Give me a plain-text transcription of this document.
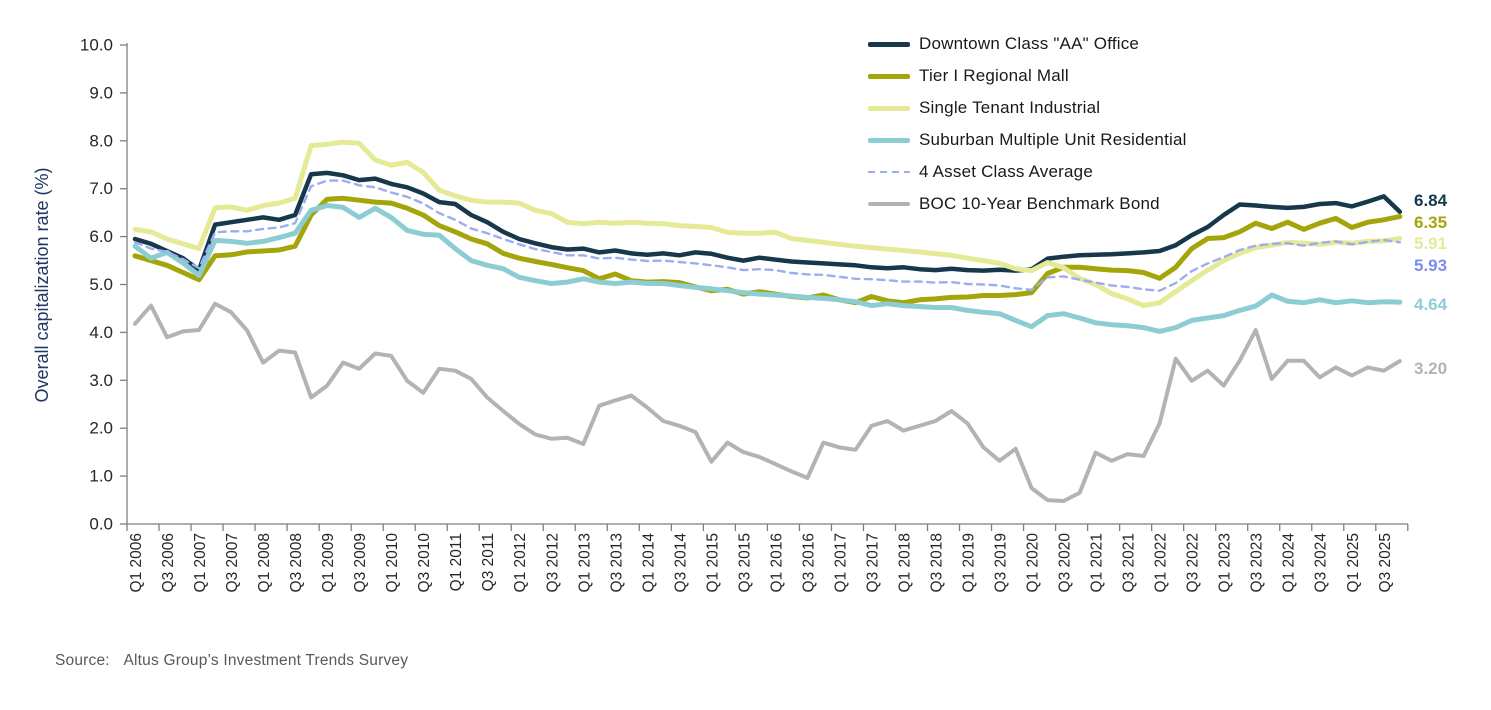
Overall capitalization rate (%)
0.0
1.0
2.0
3.0
4.0
5.0
6.0
7.0
8.0
9.0
10.0
Q1 2006 Q3 2006 Q1 2007 Q3 2007 Q1 2008 Q3 2008 Q1 2009 Q3 2009 Q1 2010 Q3 2010 Q1 2011 Q3 2011 Q1 2012 Q3 2012 Q1 2013 Q3 2013 Q1 2014 Q3 2014 Q1 2015 Q3 2015 Q1 2016 Q3 2016 Q1 2017 Q3 2017 Q1 2018 Q3 2018 Q1 2019 Q3 2019 Q1 2020 Q3 2020 Q1 2021 Q3 2021 Q1 2022 Q3 2022 Q1 2023 Q3 2023 Q1 2024 Q3 2024 Q1 2025 Q3 2025
6.84
6.35
5.91
4.64
5.93
3.20
Downtown Class "AA" Office
Tier I Regional Mall
Single Tenant Industrial
Suburban Multiple Unit Residential
4 Asset Class Average
BOC 10-Year Benchmark Bond
Source: Altus Group’s Investment Trends Survey
